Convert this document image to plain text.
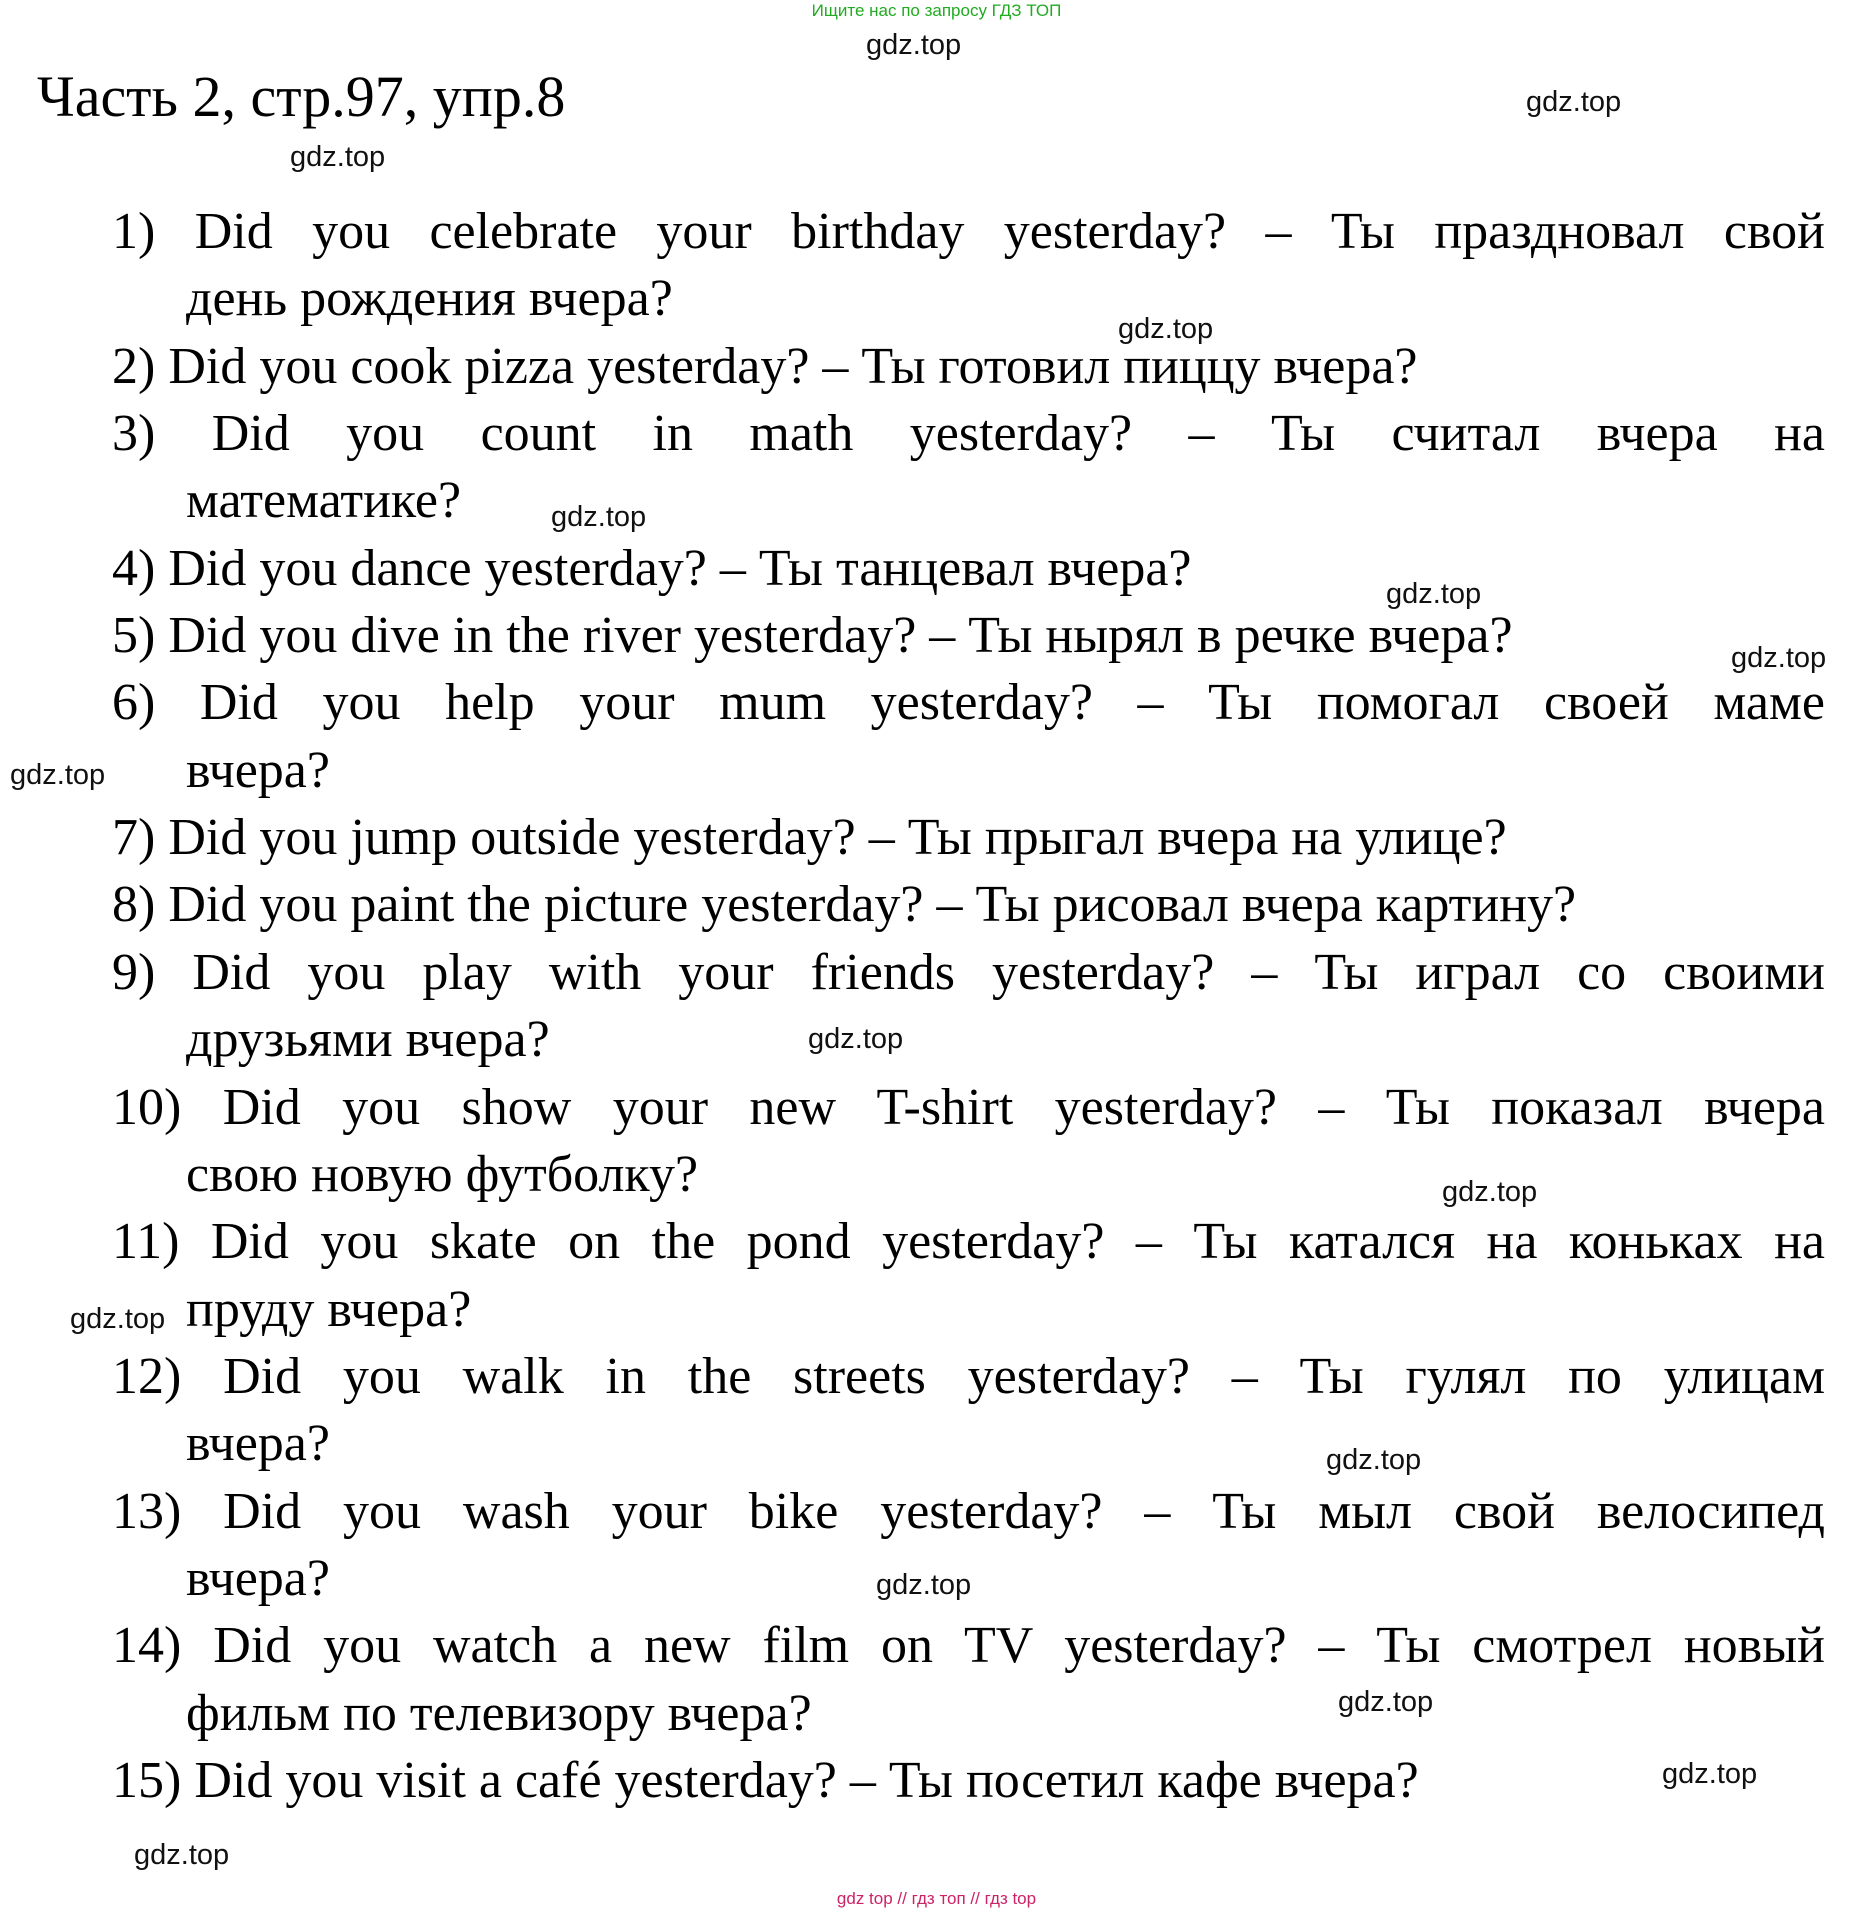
Ищите нас по запросу ГДЗ ТОП
Часть 2, стр.97, упр.8
1) Did you celebrate your birthday yesterday? – Ты праздновал свой
день рождения вчера?
2) Did you cook pizza yesterday? – Ты готовил пиццу вчера?
3) Did you count in math yesterday? – Ты считал вчера на
математике?
4) Did you dance yesterday? – Ты танцевал вчера?
5) Did you dive in the river yesterday? – Ты нырял в речке вчера?
6) Did you help your mum yesterday? – Ты помогал своей маме
вчера?
7) Did you jump outside yesterday? – Ты прыгал вчера на улице?
8) Did you paint the picture yesterday? – Ты рисовал вчера картину?
9) Did you play with your friends yesterday? – Ты играл со своими
друзьями вчера?
10) Did you show your new T-shirt yesterday? – Ты показал вчера
свою новую футболку?
11) Did you skate on the pond yesterday? – Ты катался на коньках на
пруду вчера?
12) Did you walk in the streets yesterday? – Ты гулял по улицам
вчера?
13) Did you wash your bike yesterday? – Ты мыл свой велосипед
вчера?
14) Did you watch a new film on TV yesterday? – Ты смотрел новый
фильм по телевизору вчера?
15) Did you visit a café yesterday? – Ты посетил кафе вчера?
gdz.top
gdz.top
gdz.top
gdz.top
gdz.top
gdz.top
gdz.top
gdz.top
gdz.top
gdz.top
gdz.top
gdz.top
gdz.top
gdz.top
gdz.top
gdz.top
gdz top // гдз топ // гдз top
